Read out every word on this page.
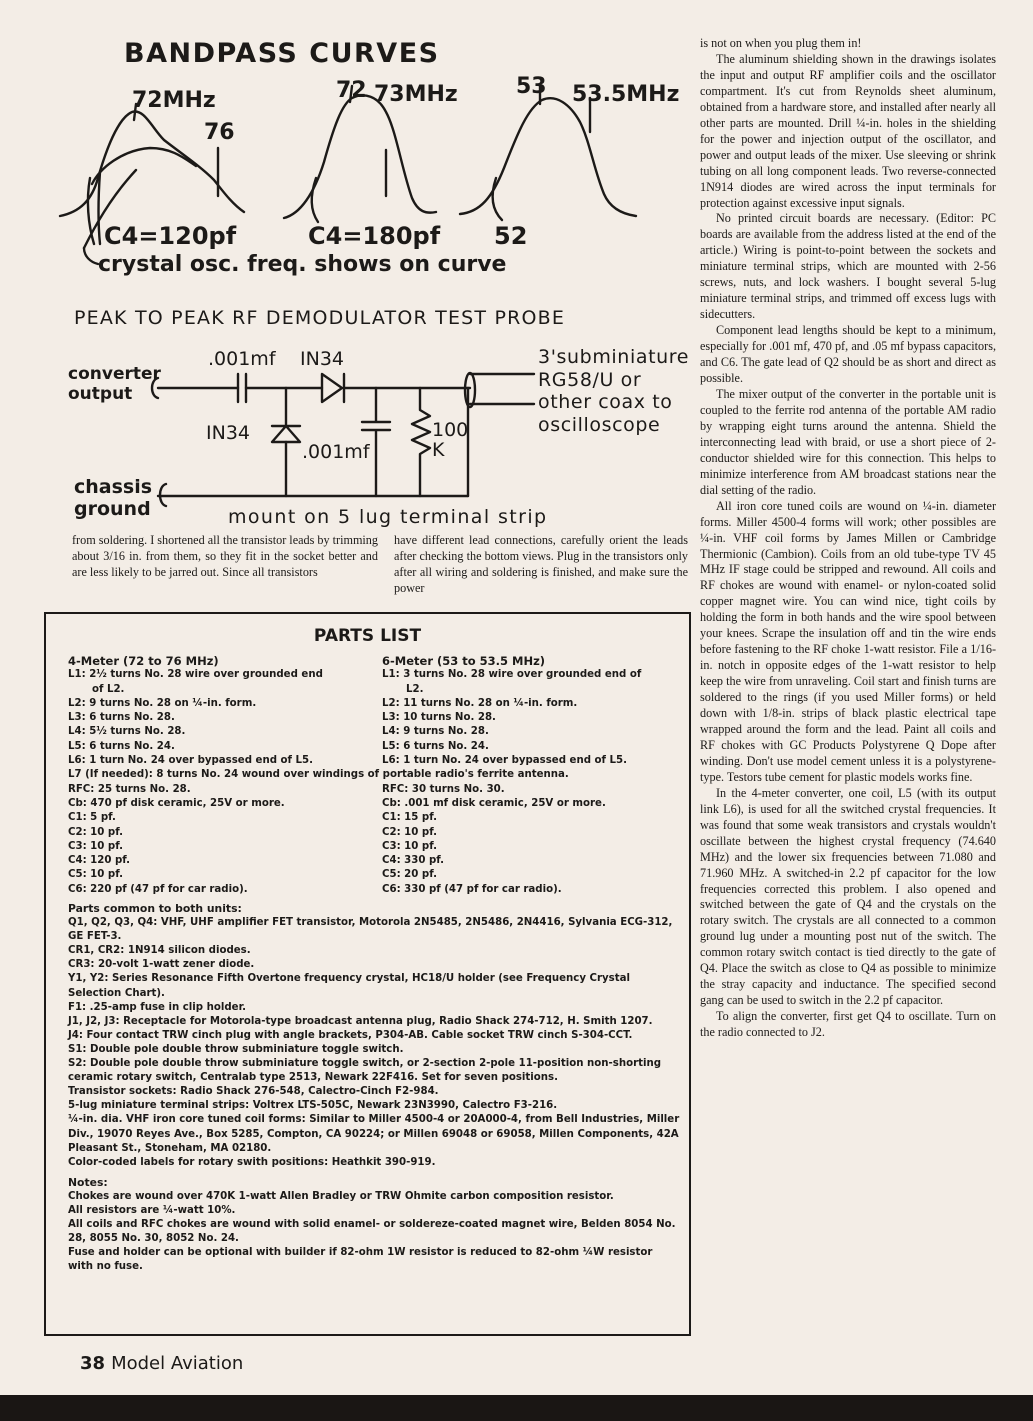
BANDPASS CURVES
72MHz
76
72 73MHz	53 53.5MHz
C4=120pf	C4=180pf 52
crystal osc. freq. shows on curve
PEAK TO PEAK RF DEMODULATOR TEST PROBE
converter
output
.001mf IN34
IN34
.001mf
100
K
3'subminiature
RG58/U or
other coax to
oscilloscope
chassis
ground	mount on 5 lug terminal strip

from soldering. I shortened all the transistor leads by trimming about 3/16 in. from them, so they fit in the socket better and are less likely to be jarred out. Since all transistors

have different lead connections, carefully orient the leads after checking the bottom views. Plug in the transistors only after all wiring and soldering is finished, and make sure the power

PARTS LIST
4-Meter (72 to 76 MHz)
L1: 2½ turns No. 28 wire over grounded end
of L2.
L2: 9 turns No. 28 on ¼-in. form.
L3: 6 turns No. 28.
L4: 5½ turns No. 28.
L5: 6 turns No. 24.
L6: 1 turn No. 24 over bypassed end of L5.
L7 (If needed): 8 turns No. 24 wound over windings of portable radio's ferrite antenna.
RFC: 25 turns No. 28.
Cb: 470 pf disk ceramic, 25V or more.
C1: 5 pf.
C2: 10 pf.
C3: 10 pf.
C4: 120 pf.
C5: 10 pf.
C6: 220 pf (47 pf for car radio).
6-Meter (53 to 53.5 MHz)
L1: 3 turns No. 28 wire over grounded end of
L2.
L2: 11 turns No. 28 on ¼-in. form.
L3: 10 turns No. 28.
L4: 9 turns No. 28.
L5: 6 turns No. 24.
L6: 1 turn No. 24 over bypassed end of L5.
RFC: 30 turns No. 30.
Cb: .001 mf disk ceramic, 25V or more.
C1: 15 pf.
C2: 10 pf.
C3: 10 pf.
C4: 330 pf.
C5: 20 pf.
C6: 330 pf (47 pf for car radio).
Parts common to both units:
Q1, Q2, Q3, Q4: VHF, UHF amplifier FET transistor, Motorola 2N5485, 2N5486, 2N4416, Sylvania ECG-312, GE FET-3.
CR1, CR2: 1N914 silicon diodes.
CR3: 20-volt 1-watt zener diode.
Y1, Y2: Series Resonance Fifth Overtone frequency crystal, HC18/U holder (see Frequency Crystal Selection Chart).
F1: .25-amp fuse in clip holder.
J1, J2, J3: Receptacle for Motorola-type broadcast antenna plug, Radio Shack 274-712, H. Smith 1207.
J4: Four contact TRW cinch plug with angle brackets, P304-AB. Cable socket TRW cinch S-304-CCT.
S1: Double pole double throw subminiature toggle switch.
S2: Double pole double throw subminiature toggle switch, or 2-section 2-pole 11-position non-shorting ceramic rotary switch, Centralab type 2513, Newark 22F416. Set for seven positions.
Transistor sockets: Radio Shack 276-548, Calectro-Cinch F2-984.
5-lug miniature terminal strips: Voltrex LTS-505C, Newark 23N3990, Calectro F3-216.
¼-in. dia. VHF iron core tuned coil forms: Similar to Miller 4500-4 or 20A000-4, from Bell Industries, Miller Div., 19070 Reyes Ave., Box 5285, Compton, CA 90224; or Millen 69048 or 69058, Millen Components, 42A Pleasant St., Stoneham, MA 02180.
Color-coded labels for rotary swith positions: Heathkit 390-919.
Notes:
Chokes are wound over 470K 1-watt Allen Bradley or TRW Ohmite carbon composition resistor.
All resistors are ¼-watt 10%.
All coils and RFC chokes are wound with solid enamel- or soldereze-coated magnet wire, Belden 8054 No. 28, 8055 No. 30, 8052 No. 24.
Fuse and holder can be optional with builder if 82-ohm 1W resistor is reduced to 82-ohm ¼W resistor with no fuse.

is not on when you plug them in!

The aluminum shielding shown in the drawings isolates the input and output RF amplifier coils and the oscillator compartment. It's cut from Reynolds sheet aluminum, obtained from a hardware store, and installed after nearly all other parts are mounted. Drill ¼-in. holes in the shielding for the power and injection output of the oscillator, and power and output leads of the mixer. Use sleeving or shrink tubing on all long component leads. Two reverse-connected 1N914 diodes are wired across the input terminals for protection against excessive input signals.

No printed circuit boards are necessary. (Editor: PC boards are available from the address listed at the end of the article.) Wiring is point-to-point between the sockets and miniature terminal strips, which are mounted with 2-56 screws, nuts, and lock washers. I bought several 5-lug miniature terminal strips, and trimmed off excess lugs with sidecutters.

Component lead lengths should be kept to a minimum, especially for .001 mf, 470 pf, and .05 mf bypass capacitors, and C6. The gate lead of Q2 should be as short and direct as possible.

The mixer output of the converter in the portable unit is coupled to the ferrite rod antenna of the portable AM radio by wrapping eight turns around the antenna. Shield the interconnecting lead with braid, or use a short piece of 2-conductor shielded wire for this connection. This helps to minimize interference from AM broadcast stations near the dial setting of the radio.

All iron core tuned coils are wound on ¼-in. diameter forms. Miller 4500-4 forms will work; other possibles are ¼-in. VHF coil forms by James Millen or Cambridge Thermionic (Cambion). Coils from an old tube-type TV 45 MHz IF stage could be stripped and rewound. All coils and RF chokes are wound with enamel- or nylon-coated solid copper magnet wire. You can wind nice, tight coils by holding the form in both hands and the wire spool between your knees. Scrape the insulation off and tin the wire ends before fastening to the RF choke 1-watt resistor. File a 1/16-in. notch in opposite edges of the 1-watt resistor to help keep the wire from unraveling. Coil start and finish turns are soldered to the rings (if you used Miller forms) or held down with 1/8-in. strips of black plastic electrical tape wrapped around the form and the lead. Paint all coils and RF chokes with GC Products Polystyrene Q Dope after winding. Don't use model cement unless it is a polystyrene-type. Testors tube cement for plastic models works fine.

In the 4-meter converter, one coil, L5 (with its output link L6), is used for all the switched crystal frequencies. It was found that some weak transistors and crystals wouldn't oscillate between the highest crystal frequency (74.640 MHz) and the lower six frequencies between 71.080 and 71.960 MHz. A switched-in 2.2 pf capacitor for the low frequencies corrected this problem. I also opened and switched between the gate of Q4 and the crystals on the rotary switch. The crystals are all connected to a common ground lug under a mounting post nut of the switch. The common rotary switch contact is tied directly to the gate of Q4. Place the switch as close to Q4 as possible to minimize the stray capacity and inductance. The specified second gang can be used to switch in the 2.2 pf capacitor.

To align the converter, first get Q4 to oscillate. Turn on the radio connected to J2.

38 Model Aviation
